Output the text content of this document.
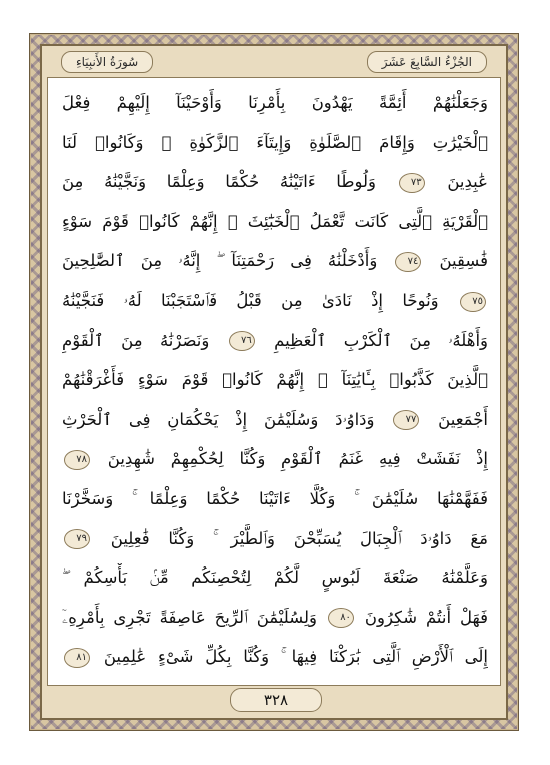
الجُزْءُ السَّابِعَ عَشَرَ
سُورَةُ الأَنبِيَاءِ
وَجَعَلْنَٰهُمْ أَئِمَّةً يَهْدُونَ بِأَمْرِنَا وَأَوْحَيْنَآ إِلَيْهِمْ فِعْلَ
ٱلْخَيْرَٰتِ وَإِقَامَ ٱلصَّلَوٰةِ وَإِيتَآءَ ٱلزَّكَوٰةِ ۖ وَكَانُوا۟ لَنَا
عَٰبِدِينَ ٧٣ وَلُوطًا ءَاتَيْنَٰهُ حُكْمًا وَعِلْمًا وَنَجَّيْنَٰهُ مِنَ
ٱلْقَرْيَةِ ٱلَّتِى كَانَت تَّعْمَلُ ٱلْخَبَٰٓئِثَ ۗ إِنَّهُمْ كَانُوا۟ قَوْمَ سَوْءٍ
فَٰسِقِينَ ٧٤ وَأَدْخَلْنَٰهُ فِى رَحْمَتِنَآ ۖ إِنَّهُۥ مِنَ ٱلصَّٰلِحِينَ
٧٥ وَنُوحًا إِذْ نَادَىٰ مِن قَبْلُ فَٱسْتَجَبْنَا لَهُۥ فَنَجَّيْنَٰهُ
وَأَهْلَهُۥ مِنَ ٱلْكَرْبِ ٱلْعَظِيمِ ٧٦ وَنَصَرْنَٰهُ مِنَ ٱلْقَوْمِ
ٱلَّذِينَ كَذَّبُوا۟ بِـَٔايَٰتِنَآ ۚ إِنَّهُمْ كَانُوا۟ قَوْمَ سَوْءٍ فَأَغْرَقْنَٰهُمْ
أَجْمَعِينَ ٧٧ وَدَاوُۥدَ وَسُلَيْمَٰنَ إِذْ يَحْكُمَانِ فِى ٱلْحَرْثِ
إِذْ نَفَشَتْ فِيهِ غَنَمُ ٱلْقَوْمِ وَكُنَّا لِحُكْمِهِمْ شَٰهِدِينَ ٧٨
فَفَهَّمْنَٰهَا سُلَيْمَٰنَ ۚ وَكُلًّا ءَاتَيْنَا حُكْمًا وَعِلْمًا ۚ وَسَخَّرْنَا
مَعَ دَاوُۥدَ ٱلْجِبَالَ يُسَبِّحْنَ وَٱلطَّيْرَ ۚ وَكُنَّا فَٰعِلِينَ ٧٩
وَعَلَّمْنَٰهُ صَنْعَةَ لَبُوسٍ لَّكُمْ لِتُحْصِنَكُم مِّنۢ بَأْسِكُمْ ۖ
فَهَلْ أَنتُمْ شَٰكِرُونَ ٨٠ وَلِسُلَيْمَٰنَ ٱلرِّيحَ عَاصِفَةً تَجْرِى بِأَمْرِهِۦٓ
إِلَى ٱلْأَرْضِ ٱلَّتِى بَٰرَكْنَا فِيهَا ۚ وَكُنَّا بِكُلِّ شَىْءٍ عَٰلِمِينَ ٨١
٣٢٨
